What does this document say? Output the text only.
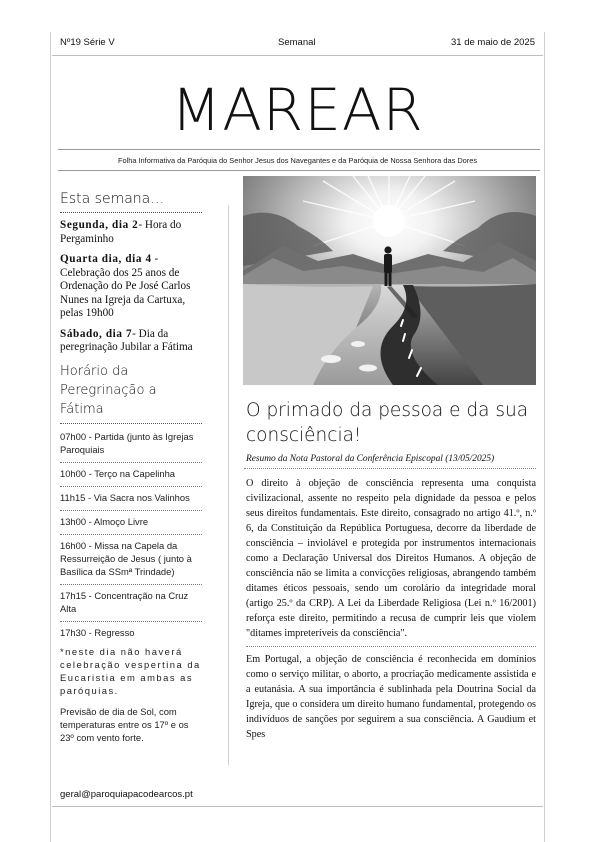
Nº19 Série V	Semanal	31 de maio de 2025
MAREAR
Folha Informativa da Paróquia do Senhor Jesus dos Navegantes e da Paróquia de Nossa Senhora das Dores
Esta semana…
Segunda, dia 2- Hora do Pergaminho
Quarta dia, dia 4 - Celebração dos 25 anos de Ordenação do Pe José Carlos Nunes na Igreja da Cartuxa, pelas 19h00
Sábado, dia 7- Dia da peregrinação Jubilar a Fátima
Horário da Peregrinação a Fátima
07h00 - Partida (junto às Igrejas Paroquiais
10h00 - Terço na Capelinha
11h15 - Via Sacra nos Valinhos
13h00 - Almoço Livre
16h00 - Missa na Capela da Ressurreição de Jesus ( junto à Basílica da SSmª Trindade)
17h15 - Concentração na Cruz Alta
17h30 - Regresso
*neste dia não haverá celebração vespertina da Eucaristia em ambas as paróquias.
Previsão de dia de Sol, com temperaturas entre os 17º e os 23º com vento forte.
O primado da pessoa e da sua consciência!
Resumo da Nota Pastoral da Conferência Episcopal (13/05/2025)

O direito à objeção de consciência representa uma conquista civilizacional, assente no respeito pela dignidade da pessoa e pelos seus direitos fundamentais. Este direito, consagrado no artigo 41.º, n.º 6, da Constituição da República Portuguesa, decorre da liberdade de consciência – inviolável e protegida por instrumentos internacionais como a Declaração Universal dos Direitos Humanos. A objeção de consciência não se limita a convicções religiosas, abrangendo também ditames éticos pessoais, sendo um corolário da integridade moral (artigo 25.º da CRP). A Lei da Liberdade Religiosa (Lei n.º 16/2001) reforça este direito, permitindo a recusa de cumprir leis que violem "ditames impreteríveis da consciência".

Em Portugal, a objeção de consciência é reconhecida em domínios como o serviço militar, o aborto, a procriação medicamente assistida e a eutanásia. A sua importância é sublinhada pela Doutrina Social da Igreja, que o considera um direito humano fundamental, protegendo os indivíduos de sanções por seguirem a sua consciência. A Gaudium et Spes

geral@paroquiapacodearcos.pt
